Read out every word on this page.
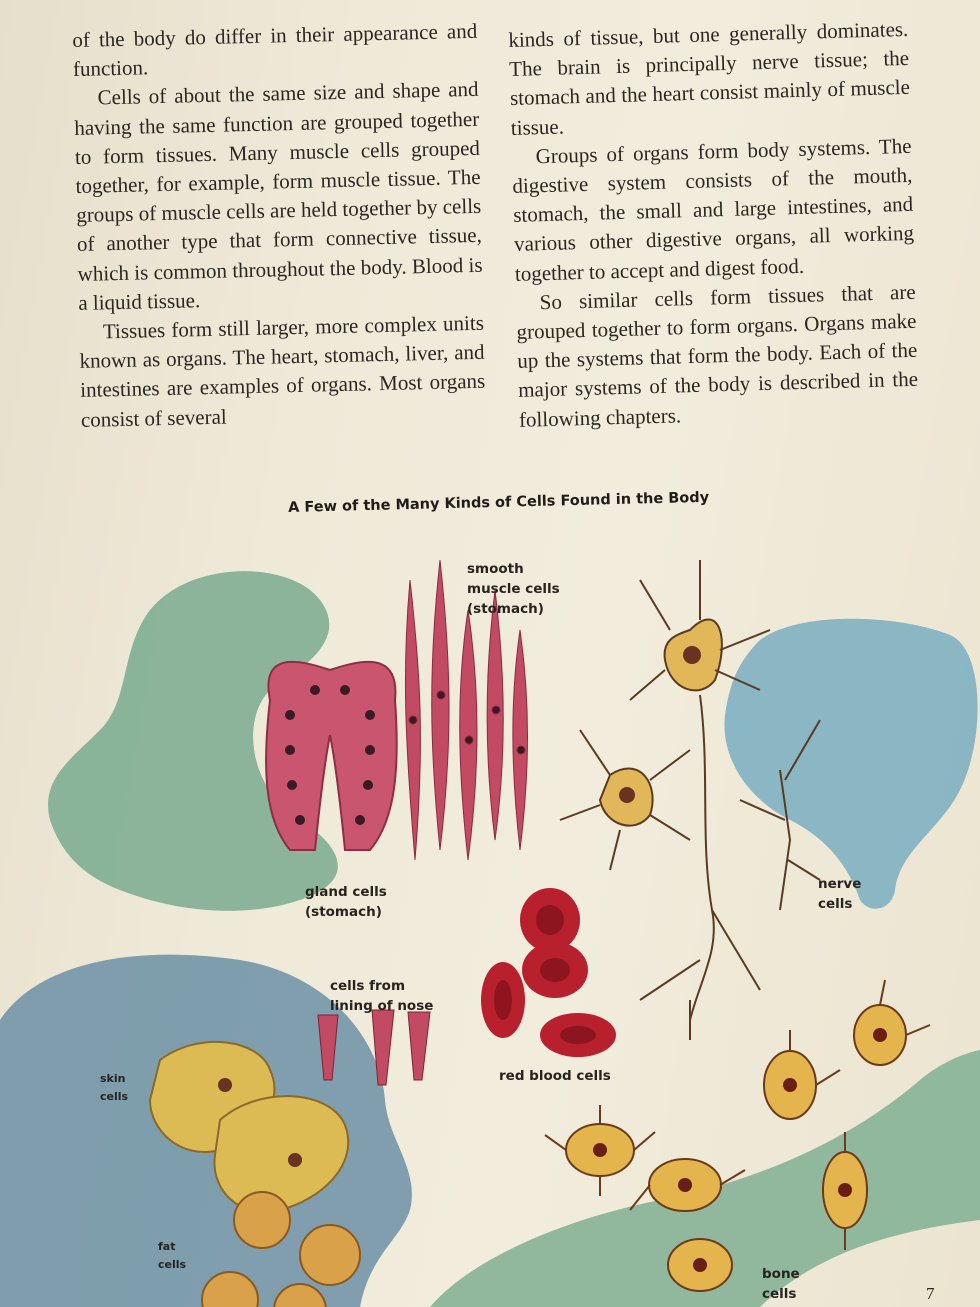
of the body do differ in their appearance and function.

Cells of about the same size and shape and having the same function are grouped together to form tissues. Many muscle cells grouped together, for example, form muscle tissue. The groups of muscle cells are held together by cells of another type that form connective tissue, which is common throughout the body. Blood is a liquid tissue.

Tissues form still larger, more complex units known as organs. The heart, stomach, liver, and intestines are examples of organs. Most organs consist of several

kinds of tissue, but one generally dominates. The brain is principally nerve tissue; the stomach and the heart consist mainly of muscle tissue.

Groups of organs form body systems. The digestive system consists of the mouth, stomach, the small and large intestines, and various other digestive organs, all working together to accept and digest food.

So similar cells form tissues that are grouped together to form organs. Organs make up the systems that form the body. Each of the major systems of the body is described in the following chapters.

A Few of the Many Kinds of Cells Found in the Body
smooth
muscle cells
(stomach)
gland cells
(stomach)
nerve
cells
cells from
lining of nose
red blood cells
skin
cells
fat
cells
bone
cells	7
